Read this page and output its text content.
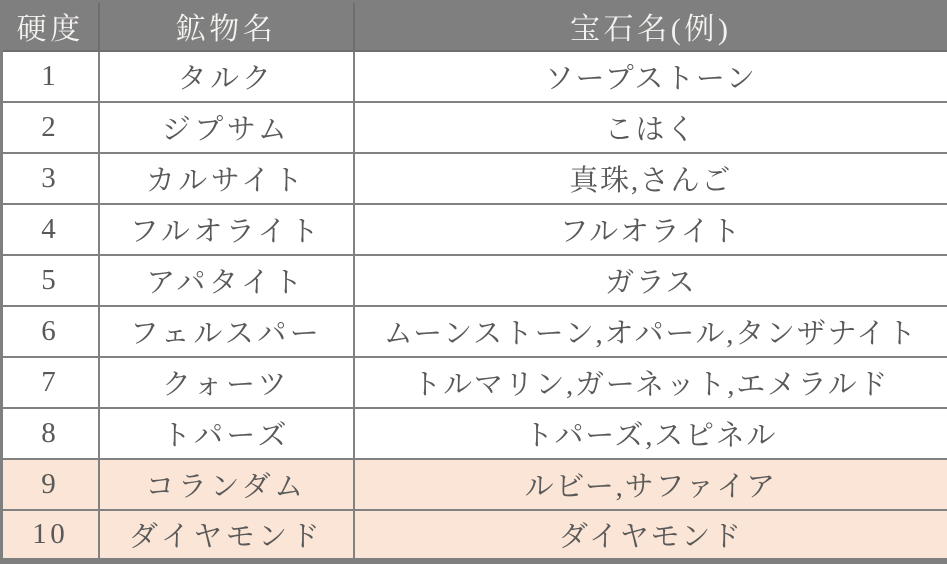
硬度	鉱物名	宝石名(例)
1	タルク	ソープストーン
2	ジプサム	こはく
3	カルサイト	真珠,さんご
4	フルオライト	フルオライト
5	アパタイト	ガラス
6	フェルスパー	ムーンストーン,オパール,タンザナイト
7	クォーツ	トルマリン,ガーネット,エメラルド
8	トパーズ	トパーズ,スピネル
9	コランダム	ルビー,サファイア
10	ダイヤモンド	ダイヤモンド
